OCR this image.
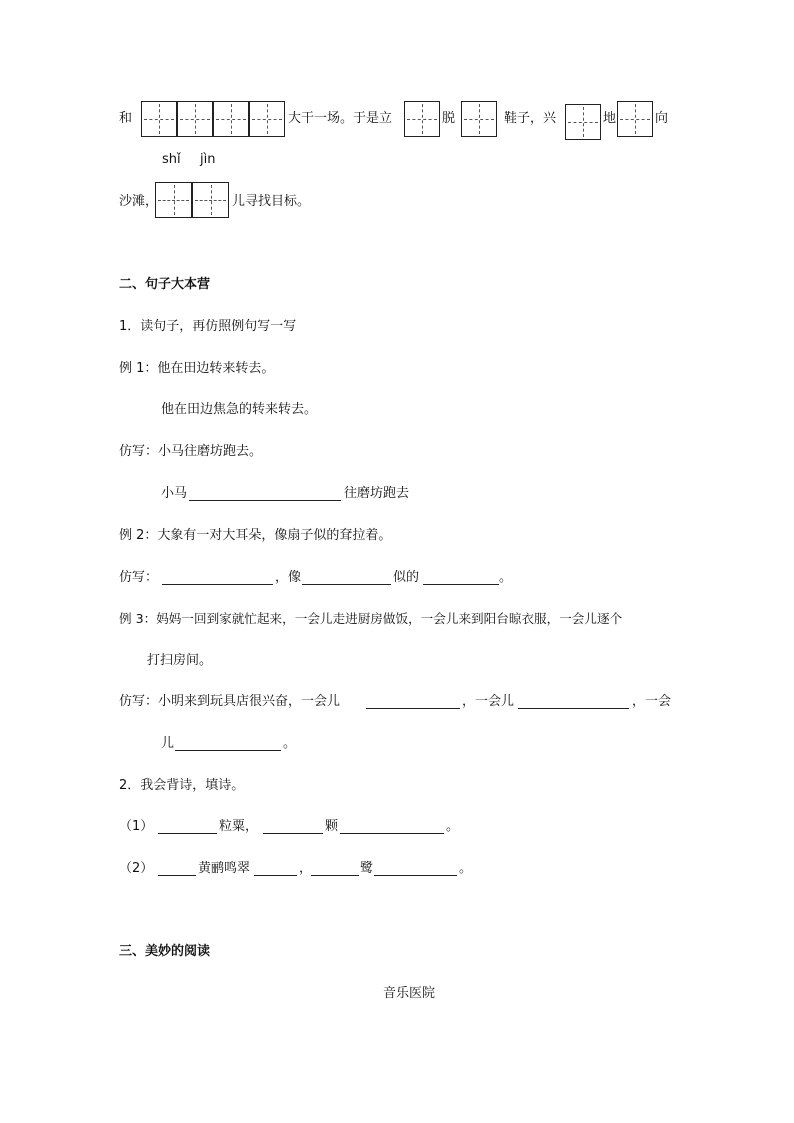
和	大干一场。于是立	脱	鞋子，兴	地	向
shǐ jìn
沙滩，	儿寻找目标。
二、句子大本营
1．读句子，再仿照例句写一写
例 1：他在田边转来转去。
他在田边焦急的转来转去。
仿写：小马往磨坊跑去。
小马	往磨坊跑去
例 2：大象有一对大耳朵，像扇子似的耷拉着。
仿写：	，像	似的	。
例 3：妈妈一回到家就忙起来，一会儿走进厨房做饭，一会儿来到阳台晾衣服，一会儿逐个
打扫房间。
仿写：小明来到玩具店很兴奋，一会儿	，一会儿	，一会
儿	。
2．我会背诗，填诗。
（1）	粒粟，	颗	。
（2）	黄鹂鸣翠	，	鹭	。
三、美妙的阅读
音乐医院
